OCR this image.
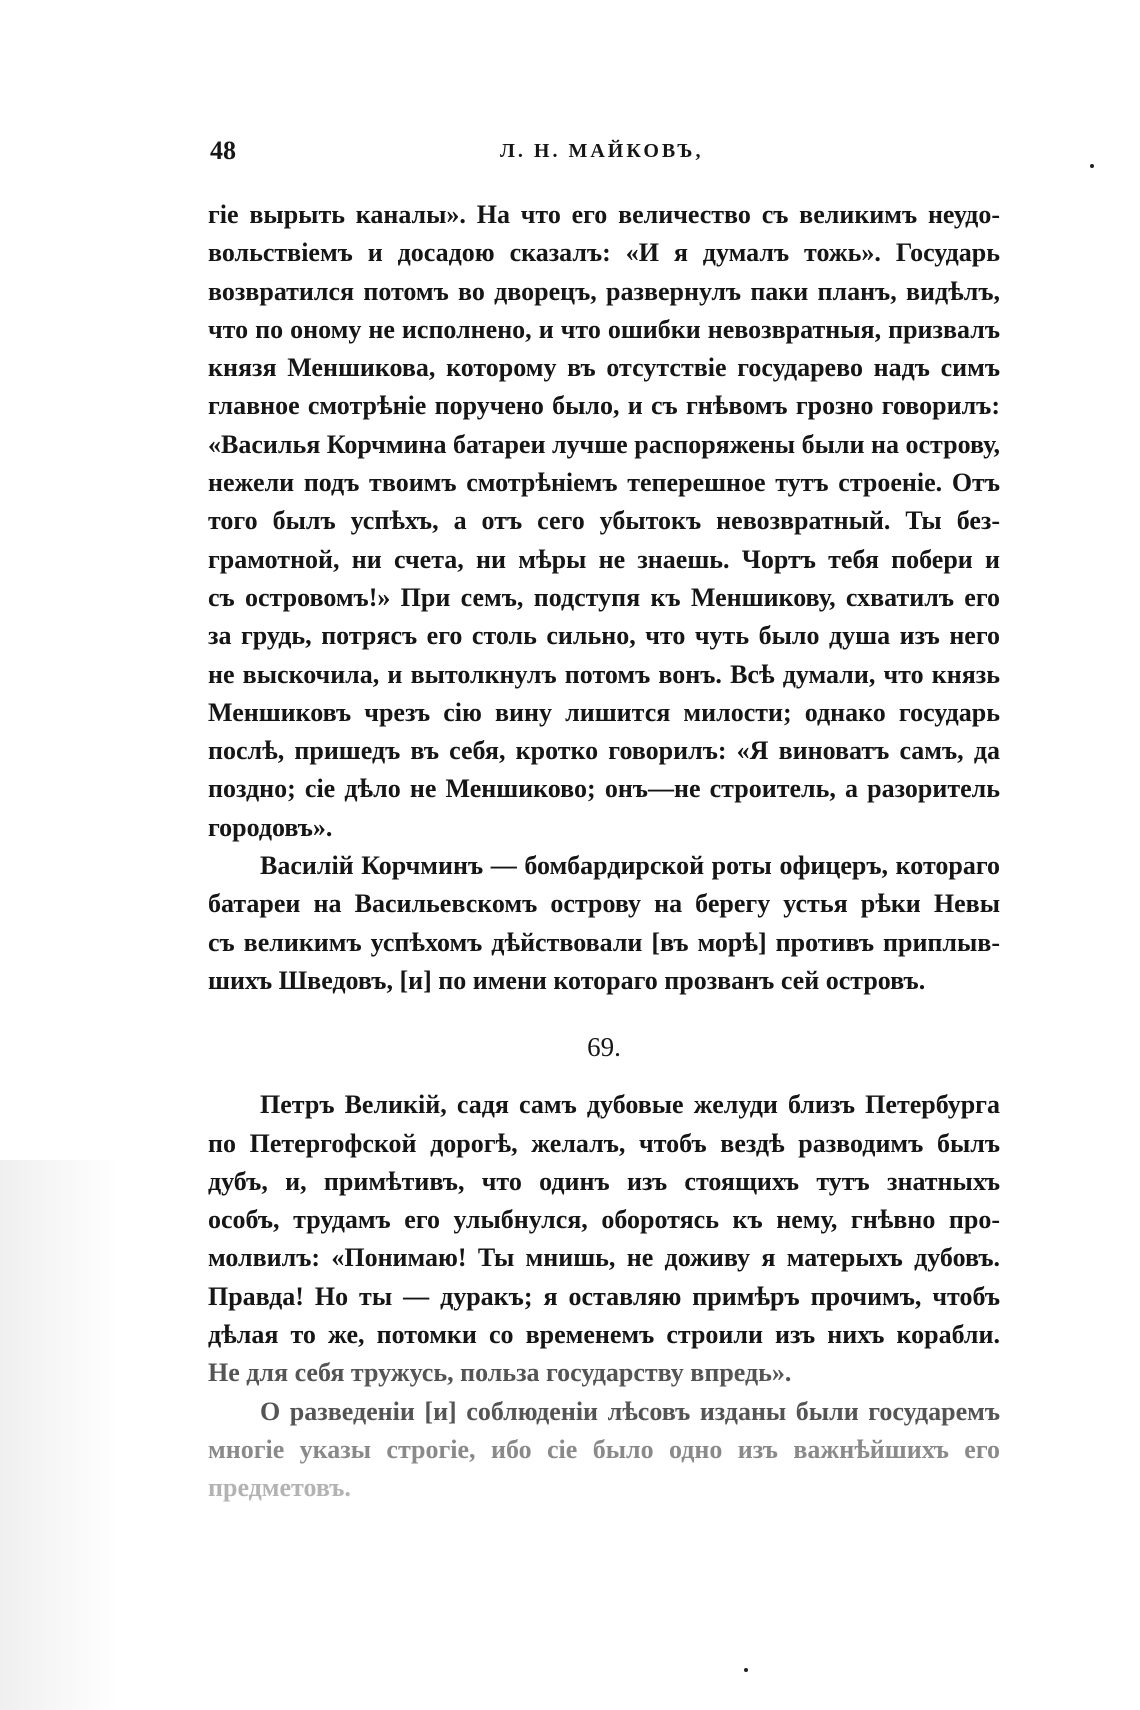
48	Л. Н. МАЙКОВЪ,
гіе вырыть каналы». На что его величество съ великимъ неудо-
вольствіемъ и досадою сказалъ: «И я думалъ тожь». Государь
возвратился потомъ во дворецъ, развернулъ паки планъ, видѣлъ,
что по оному не исполнено, и что ошибки невозвратныя, призвалъ
князя Меншикова, которому въ отсутствіе государево надъ симъ
главное смотрѣніе поручено было, и съ гнѣвомъ грозно говорилъ:
«Василья Корчмина батареи лучше распоряжены были на острову,
нежели подъ твоимъ смотрѣніемъ теперешное тутъ строеніе. Отъ
того былъ успѣхъ, а отъ сего убытокъ невозвратный. Ты без-
грамотной, ни счета, ни мѣры не знаешь. Чортъ тебя побери и
съ островомъ!» При семъ, подступя къ Меншикову, схватилъ его
за грудь, потрясъ его столь сильно, что чуть было душа изъ него
не выскочила, и вытолкнулъ потомъ вонъ. Всѣ думали, что князь
Меншиковъ чрезъ сію вину лишится милости; однако государь
послѣ, пришедъ въ себя, кротко говорилъ: «Я виноватъ самъ, да
поздно; сіе дѣло не Меншиково; онъ—не строитель, а разоритель
городовъ».
Василій Корчминъ — бомбардирской роты офицеръ, котораго
батареи на Васильевскомъ острову на берегу устья рѣки Невы
съ великимъ успѣхомъ дѣйствовали [въ морѣ] противъ приплыв-
шихъ Шведовъ, [и] по имени котораго прозванъ сей островъ.
69.
Петръ Великій, садя самъ дубовые желуди близъ Петербурга
по Петергофской дорогѣ, желалъ, чтобъ вездѣ разводимъ былъ
дубъ, и, примѣтивъ, что одинъ изъ стоящихъ тутъ знатныхъ
особъ, трудамъ его улыбнулся, оборотясь къ нему, гнѣвно про-
молвилъ: «Понимаю! Ты мнишь, не доживу я матерыхъ дубовъ.
Правда! Но ты — дуракъ; я оставляю примѣръ прочимъ, чтобъ
дѣлая то же, потомки со временемъ строили изъ нихъ корабли.
Не для себя тружусь, польза государству впредь».
О разведеніи [и] соблюденіи лѣсовъ изданы были государемъ
многіе указы строгіе, ибо сіе было одно изъ важнѣйшихъ его
предметовъ.
